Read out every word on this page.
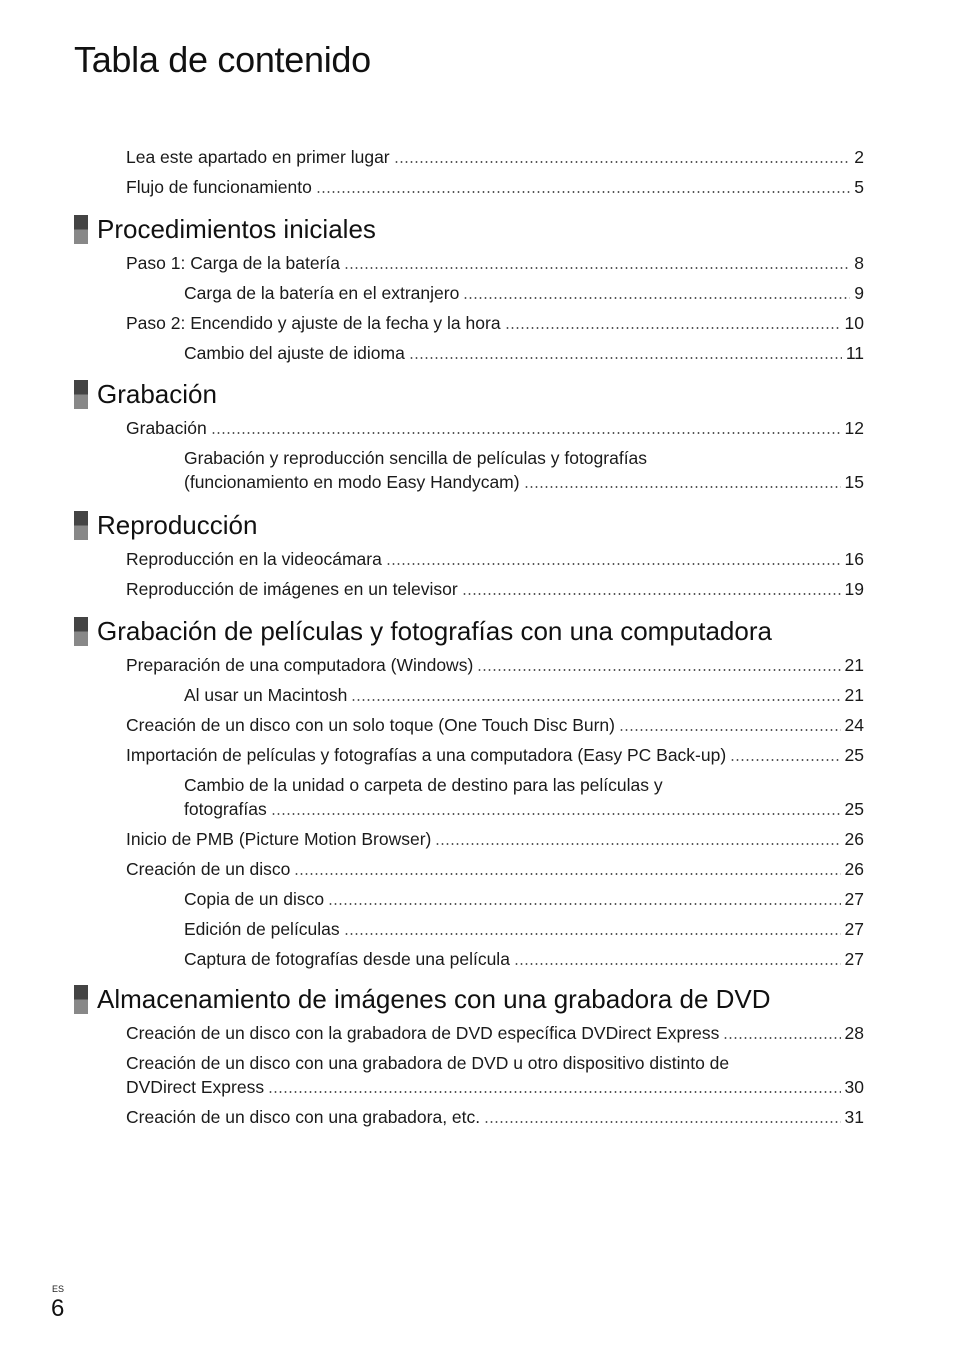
Tabla de contenido
Lea este apartado en primer lugar	2
Flujo de funcionamiento	5
Procedimientos iniciales
Paso 1: Carga de la batería	8
Carga de la batería en el extranjero	9
Paso 2: Encendido y ajuste de la fecha y la hora	10
Cambio del ajuste de idioma	11
Grabación
Grabación	12
Grabación y reproducción sencilla de películas y fotografías
(funcionamiento en modo Easy Handycam)	15
Reproducción
Reproducción en la videocámara	16
Reproducción de imágenes en un televisor	19
Grabación de películas y fotografías con una computadora
Preparación de una computadora (Windows)	21
Al usar un Macintosh	21
Creación de un disco con un solo toque (One Touch Disc Burn)	24
Importación de películas y fotografías a una computadora (Easy PC Back-up)	25
Cambio de la unidad o carpeta de destino para las películas y
fotografías	25
Inicio de PMB (Picture Motion Browser)	26
Creación de un disco	26
Copia de un disco	27
Edición de películas	27
Captura de fotografías desde una película	27
Almacenamiento de imágenes con una grabadora de DVD
Creación de un disco con la grabadora de DVD específica DVDirect Express	28
Creación de un disco con una grabadora de DVD u otro dispositivo distinto de
DVDirect Express	30
Creación de un disco con una grabadora, etc.	31
ES
6
